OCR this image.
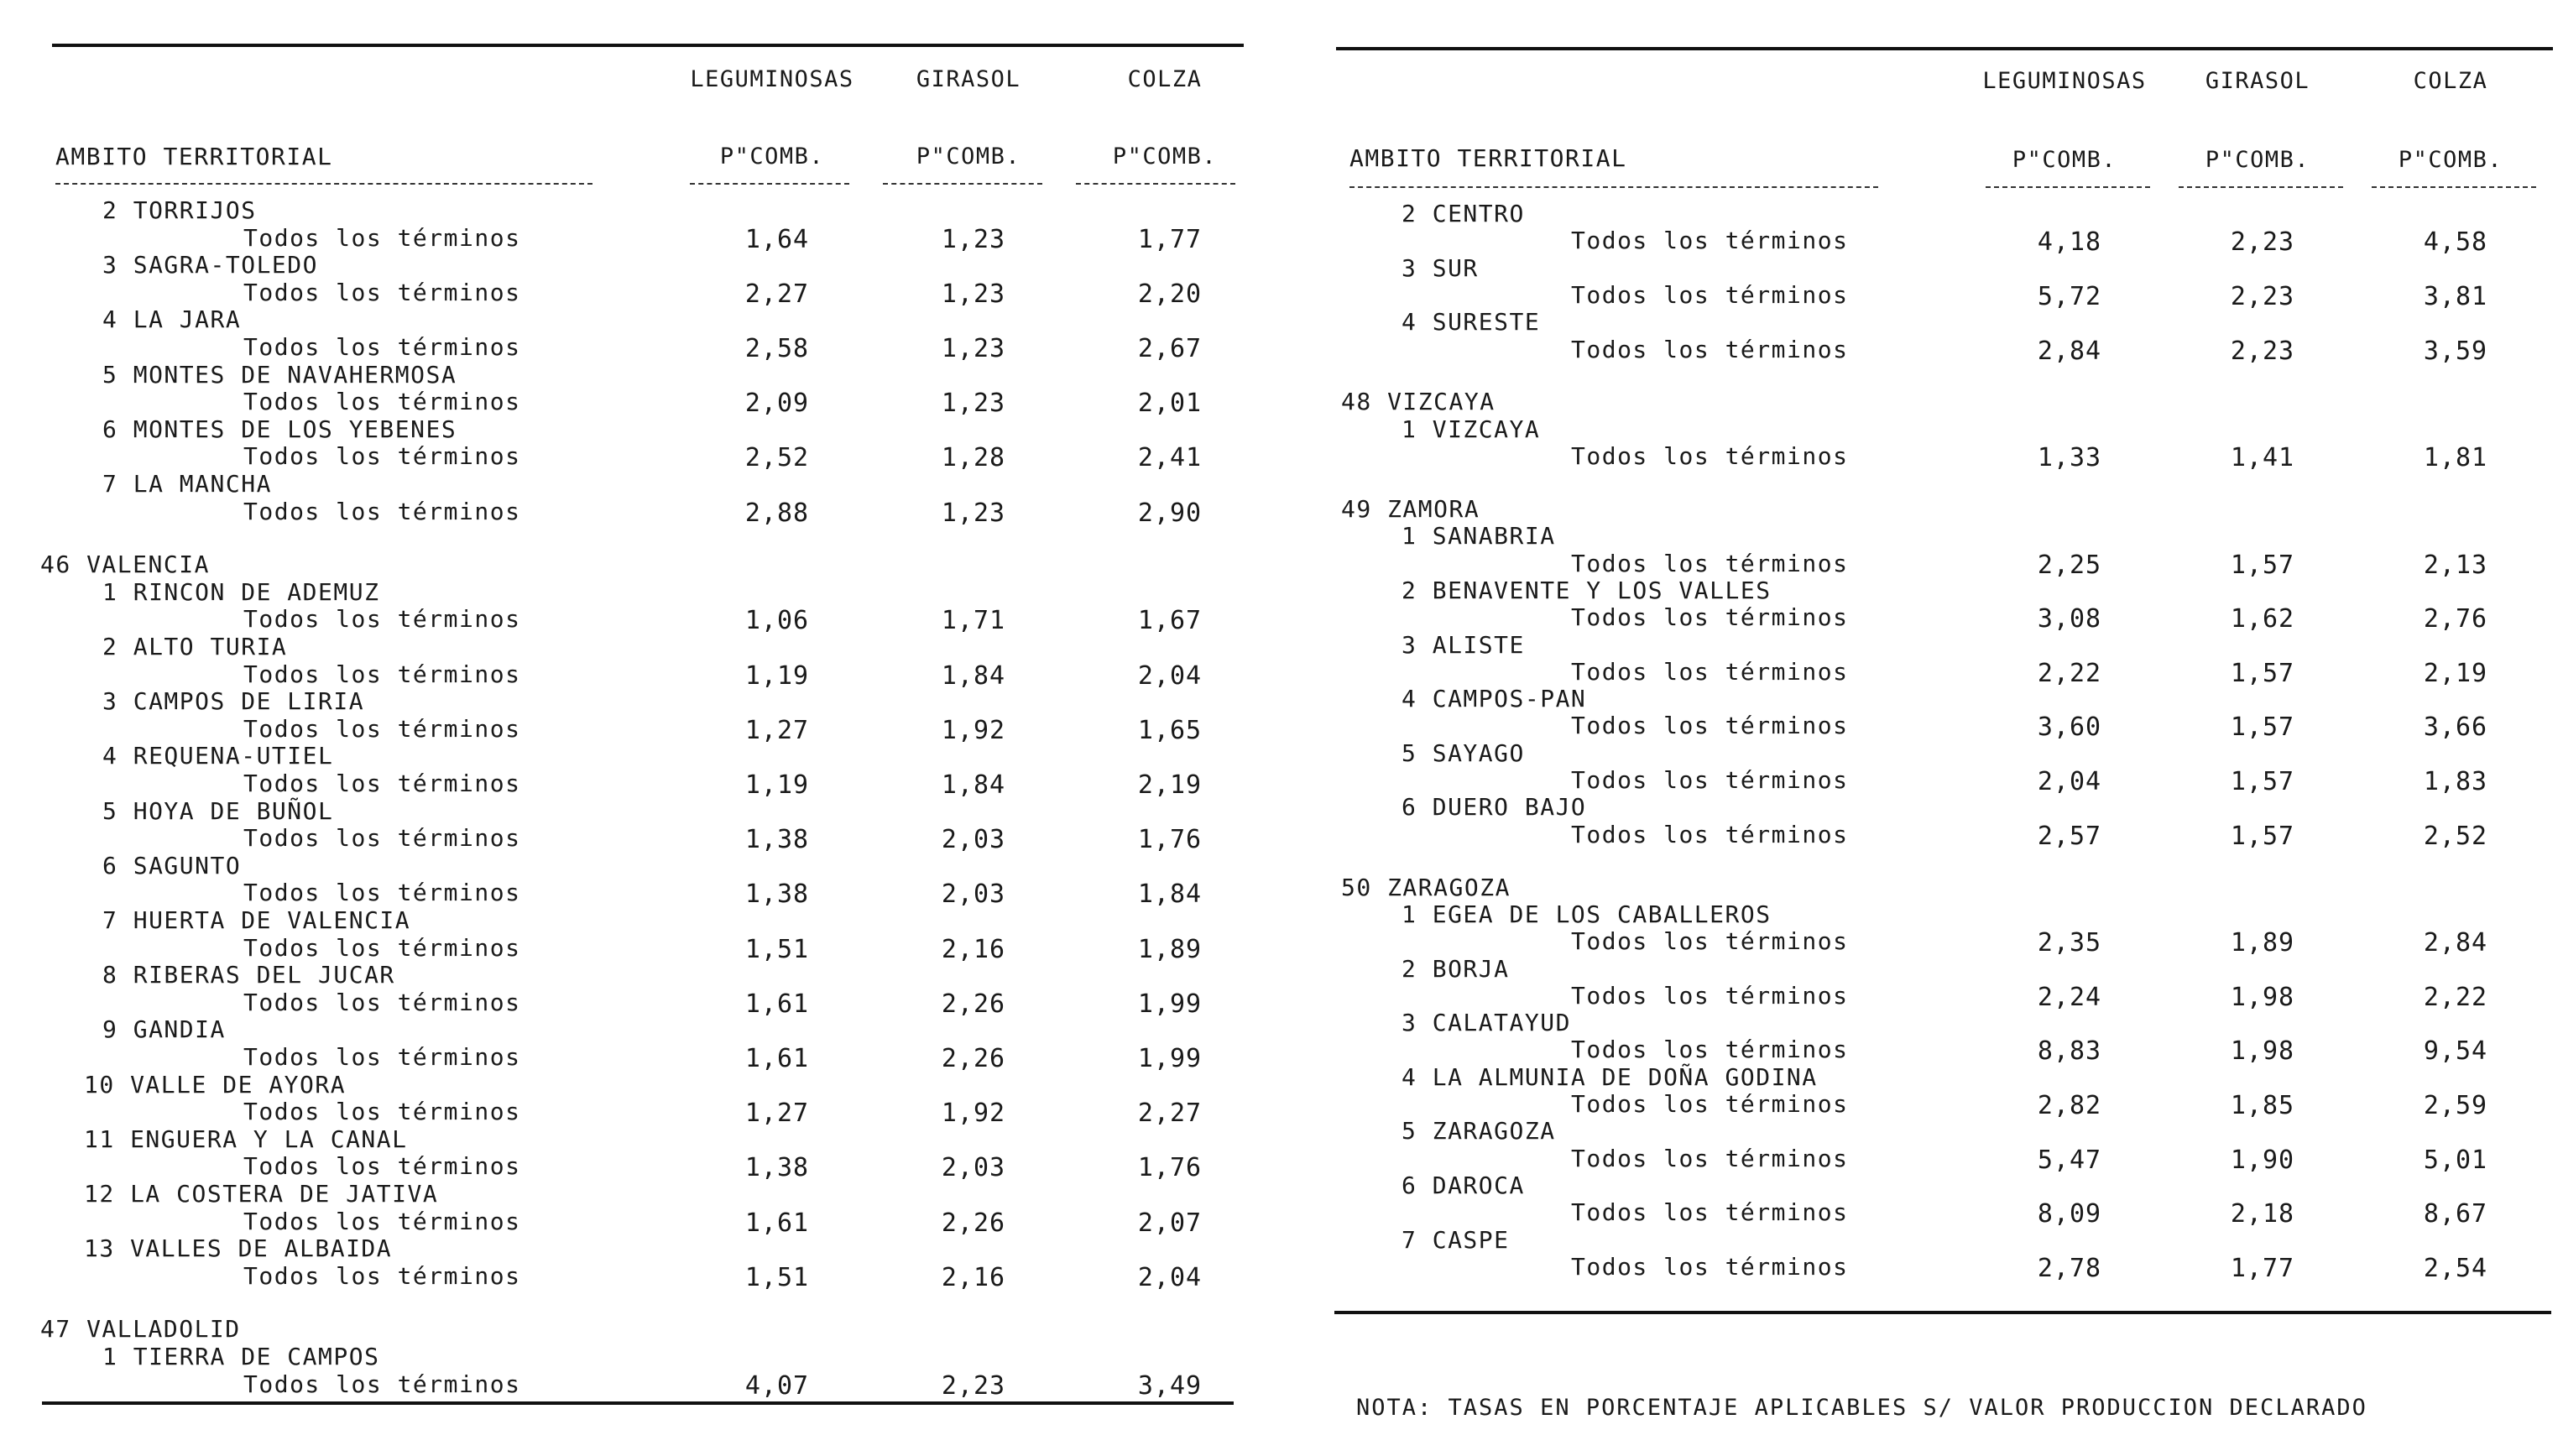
LEGUMINOSAS	GIRASOL	COLZA
AMBITO TERRITORIAL	P"COMB.	P"COMB.	P"COMB.
2 TORRIJOS
Todos los términos	1,64	1,23	1,77
3 SAGRA-TOLEDO
Todos los términos	2,27	1,23	2,20
4 LA JARA
Todos los términos	2,58	1,23	2,67
5 MONTES DE NAVAHERMOSA
Todos los términos	2,09	1,23	2,01
6 MONTES DE LOS YEBENES
Todos los términos	2,52	1,28	2,41
7 LA MANCHA
Todos los términos	2,88	1,23	2,90
46 VALENCIA
1 RINCON DE ADEMUZ
Todos los términos	1,06	1,71	1,67
2 ALTO TURIA
Todos los términos	1,19	1,84	2,04
3 CAMPOS DE LIRIA
Todos los términos	1,27	1,92	1,65
4 REQUENA-UTIEL
Todos los términos	1,19	1,84	2,19
5 HOYA DE BUÑOL
Todos los términos	1,38	2,03	1,76
6 SAGUNTO
Todos los términos	1,38	2,03	1,84
7 HUERTA DE VALENCIA
Todos los términos	1,51	2,16	1,89
8 RIBERAS DEL JUCAR
Todos los términos	1,61	2,26	1,99
9 GANDIA
Todos los términos	1,61	2,26	1,99
10 VALLE DE AYORA
Todos los términos	1,27	1,92	2,27
11 ENGUERA Y LA CANAL
Todos los términos	1,38	2,03	1,76
12 LA COSTERA DE JATIVA
Todos los términos	1,61	2,26	2,07
13 VALLES DE ALBAIDA
Todos los términos	1,51	2,16	2,04
47 VALLADOLID
1 TIERRA DE CAMPOS
Todos los términos	4,07	2,23	3,49
LEGUMINOSAS	GIRASOL	COLZA
AMBITO TERRITORIAL	P"COMB.	P"COMB.	P"COMB.
2 CENTRO
Todos los términos	4,18	2,23	4,58
3 SUR
Todos los términos	5,72	2,23	3,81
4 SURESTE
Todos los términos	2,84	2,23	3,59
48 VIZCAYA
1 VIZCAYA
Todos los términos	1,33	1,41	1,81
49 ZAMORA
1 SANABRIA
Todos los términos	2,25	1,57	2,13
2 BENAVENTE Y LOS VALLES
Todos los términos	3,08	1,62	2,76
3 ALISTE
Todos los términos	2,22	1,57	2,19
4 CAMPOS-PAN
Todos los términos	3,60	1,57	3,66
5 SAYAGO
Todos los términos	2,04	1,57	1,83
6 DUERO BAJO
Todos los términos	2,57	1,57	2,52
50 ZARAGOZA
1 EGEA DE LOS CABALLEROS
Todos los términos	2,35	1,89	2,84
2 BORJA
Todos los términos	2,24	1,98	2,22
3 CALATAYUD
Todos los términos	8,83	1,98	9,54
4 LA ALMUNIA DE DOÑA GODINA
Todos los términos	2,82	1,85	2,59
5 ZARAGOZA
Todos los términos	5,47	1,90	5,01
6 DAROCA
Todos los términos	8,09	2,18	8,67
7 CASPE
Todos los términos	2,78	1,77	2,54
NOTA: TASAS EN PORCENTAJE APLICABLES S/ VALOR PRODUCCION DECLARADO
